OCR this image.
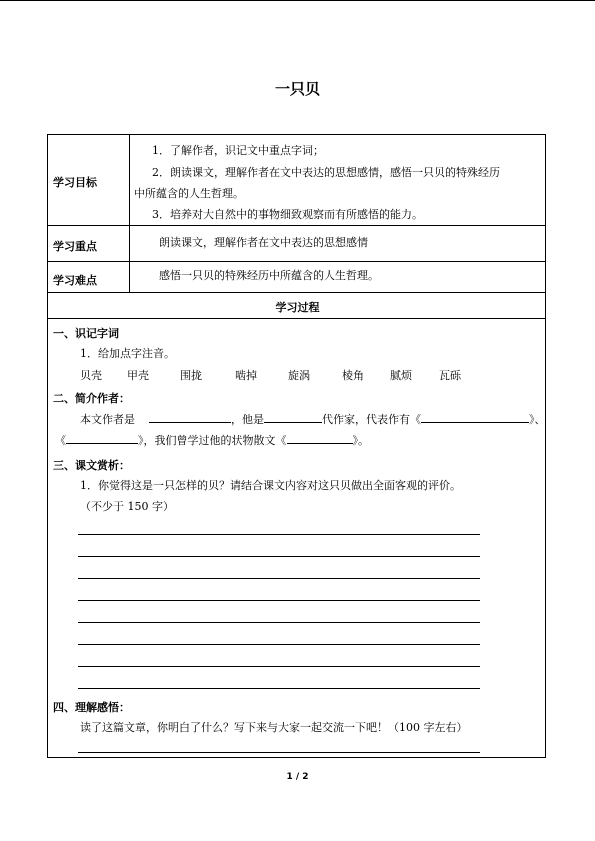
一只贝
学习目标
1．了解作者，识记文中重点字词；
2．朗读课文，理解作者在文中表达的思想感情，感悟一只贝的特殊经历
中所蕴含的人生哲理。
3．培养对大自然中的事物细致观察而有所感悟的能力。
学习重点	朗读课文，理解作者在文中表达的思想感情
学习难点	感悟一只贝的特殊经历中所蕴含的人生哲理。
学习过程
一、识记字词
1．给加点字注音。
贝壳 甲壳	围拢	啮掉	旋涡	棱角 腻烦 瓦砾
二、简介作者：
本文作者是	，他是	代作家，代表作有《	》、
《	》，我们曾学过他的状物散文《	》。
三、课文赏析：
1．你觉得这是一只怎样的贝？请结合课文内容对这只贝做出全面客观的评价。
（不少于 150 字）
四、理解感悟：
读了这篇文章，你明白了什么？写下来与大家一起交流一下吧！（100 字左右）
1 / 2
